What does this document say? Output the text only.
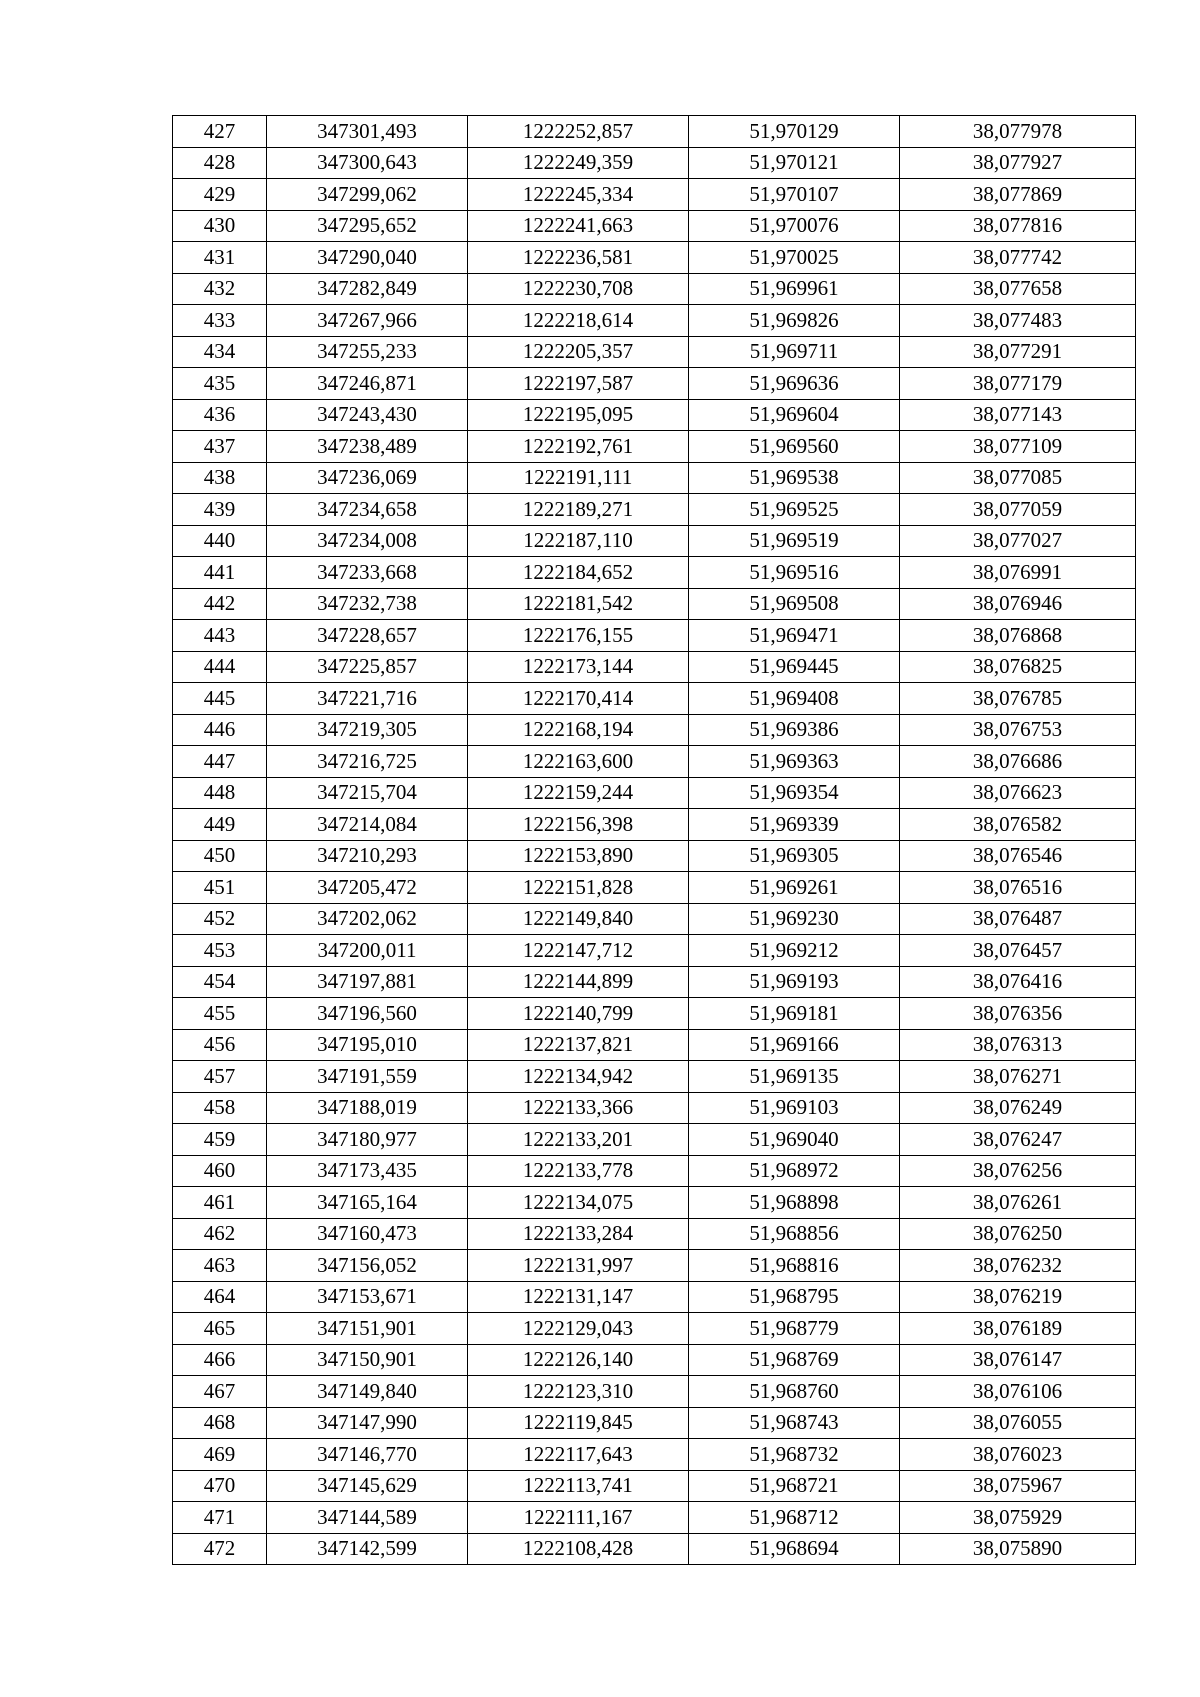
427	347301,493	1222252,857	51,970129	38,077978
428	347300,643	1222249,359	51,970121	38,077927
429	347299,062	1222245,334	51,970107	38,077869
430	347295,652	1222241,663	51,970076	38,077816
431	347290,040	1222236,581	51,970025	38,077742
432	347282,849	1222230,708	51,969961	38,077658
433	347267,966	1222218,614	51,969826	38,077483
434	347255,233	1222205,357	51,969711	38,077291
435	347246,871	1222197,587	51,969636	38,077179
436	347243,430	1222195,095	51,969604	38,077143
437	347238,489	1222192,761	51,969560	38,077109
438	347236,069	1222191,111	51,969538	38,077085
439	347234,658	1222189,271	51,969525	38,077059
440	347234,008	1222187,110	51,969519	38,077027
441	347233,668	1222184,652	51,969516	38,076991
442	347232,738	1222181,542	51,969508	38,076946
443	347228,657	1222176,155	51,969471	38,076868
444	347225,857	1222173,144	51,969445	38,076825
445	347221,716	1222170,414	51,969408	38,076785
446	347219,305	1222168,194	51,969386	38,076753
447	347216,725	1222163,600	51,969363	38,076686
448	347215,704	1222159,244	51,969354	38,076623
449	347214,084	1222156,398	51,969339	38,076582
450	347210,293	1222153,890	51,969305	38,076546
451	347205,472	1222151,828	51,969261	38,076516
452	347202,062	1222149,840	51,969230	38,076487
453	347200,011	1222147,712	51,969212	38,076457
454	347197,881	1222144,899	51,969193	38,076416
455	347196,560	1222140,799	51,969181	38,076356
456	347195,010	1222137,821	51,969166	38,076313
457	347191,559	1222134,942	51,969135	38,076271
458	347188,019	1222133,366	51,969103	38,076249
459	347180,977	1222133,201	51,969040	38,076247
460	347173,435	1222133,778	51,968972	38,076256
461	347165,164	1222134,075	51,968898	38,076261
462	347160,473	1222133,284	51,968856	38,076250
463	347156,052	1222131,997	51,968816	38,076232
464	347153,671	1222131,147	51,968795	38,076219
465	347151,901	1222129,043	51,968779	38,076189
466	347150,901	1222126,140	51,968769	38,076147
467	347149,840	1222123,310	51,968760	38,076106
468	347147,990	1222119,845	51,968743	38,076055
469	347146,770	1222117,643	51,968732	38,076023
470	347145,629	1222113,741	51,968721	38,075967
471	347144,589	1222111,167	51,968712	38,075929
472	347142,599	1222108,428	51,968694	38,075890
